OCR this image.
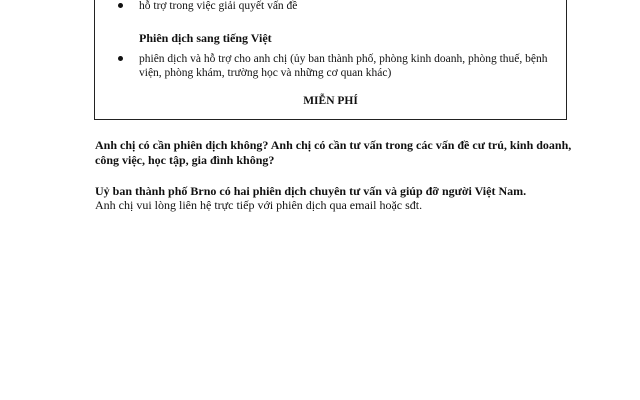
hỗ trợ trong việc giải quyết vấn đề
Phiên dịch sang tiếng Việt
phiên dịch và hỗ trợ cho anh chị (ủy ban thành phố, phòng kinh doanh, phòng thuế, bệnh viện, phòng khám, trường học và những cơ quan khác)
MIỄN PHÍ
Anh chị có cần phiên dịch không? Anh chị có cần tư vấn trong các vấn đề cư trú, kinh doanh, công việc, học tập, gia đình không?
Uỷ ban thành phố Brno có hai phiên dịch chuyên tư vấn và giúp đỡ người Việt Nam.
Anh chị vui lòng liên hệ trực tiếp với phiên dịch qua email hoặc sđt.
